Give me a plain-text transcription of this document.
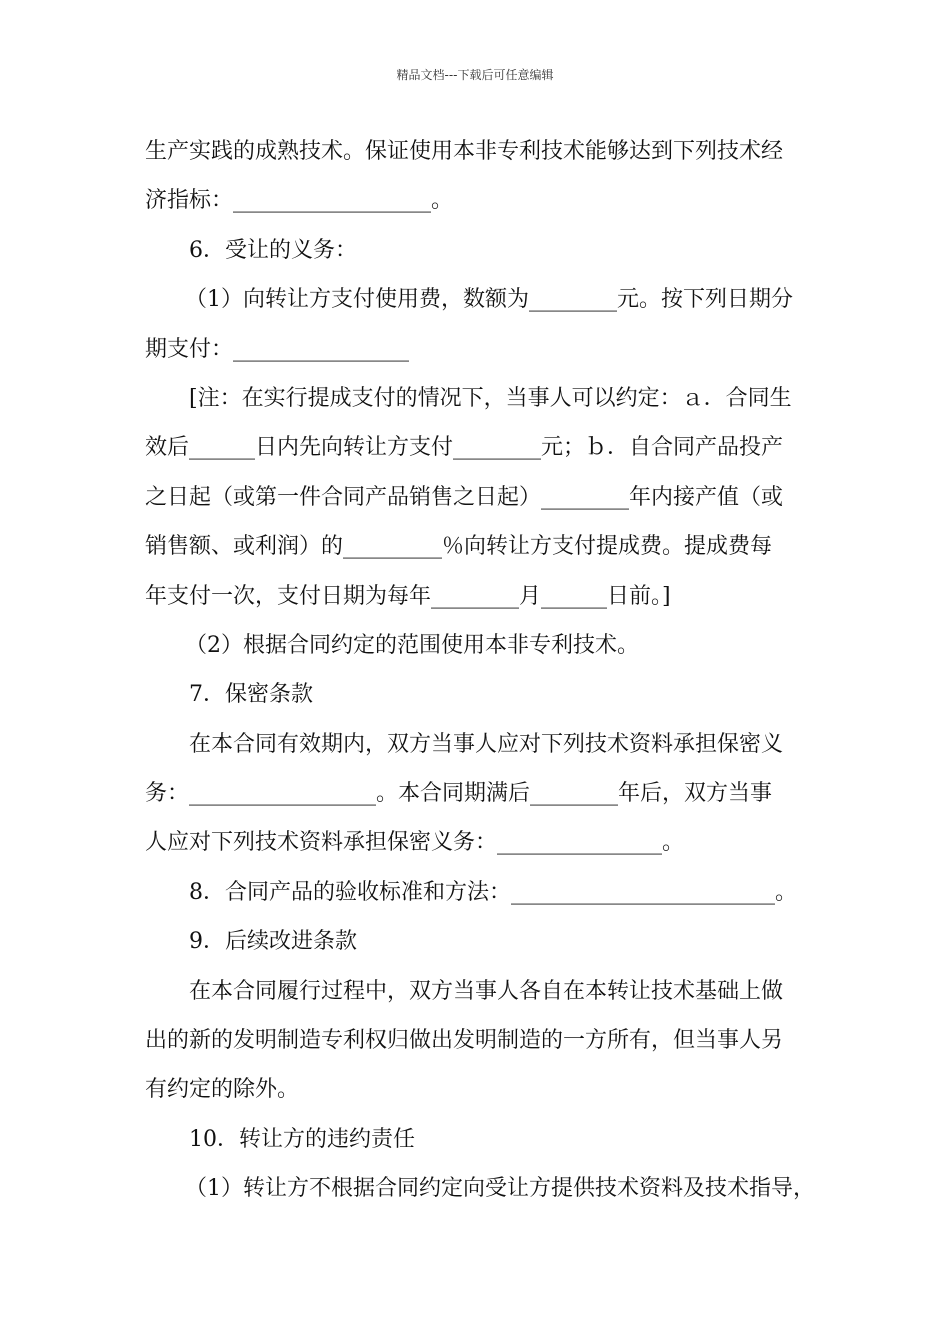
精品文档---下载后可任意编辑
生产实践的成熟技术。保证使用本非专利技术能够达到下列技术经
济指标：__________________。
6．受让的义务：
（1）向转让方支付使用费，数额为________元。按下列日期分
期支付：________________
[注：在实行提成支付的情况下，当事人可以约定：ａ．合同生
效后______日内先向转让方支付________元；ｂ．自合同产品投产
之日起（或第一件合同产品销售之日起）________年内接产值（或
销售额、或利润）的_________％向转让方支付提成费。提成费每
年支付一次，支付日期为每年________月______日前。]
（2）根据合同约定的范围使用本非专利技术。
7．保密条款
在本合同有效期内，双方当事人应对下列技术资料承担保密义
务：_________________。本合同期满后________年后，双方当事
人应对下列技术资料承担保密义务：_______________。
8．合同产品的验收标准和方法：________________________。
9．后续改进条款
在本合同履行过程中，双方当事人各自在本转让技术基础上做
出的新的发明制造专利权归做出发明制造的一方所有，但当事人另
有约定的除外。
10．转让方的违约责任
（1）转让方不根据合同约定向受让方提供技术资料及技术指导，
